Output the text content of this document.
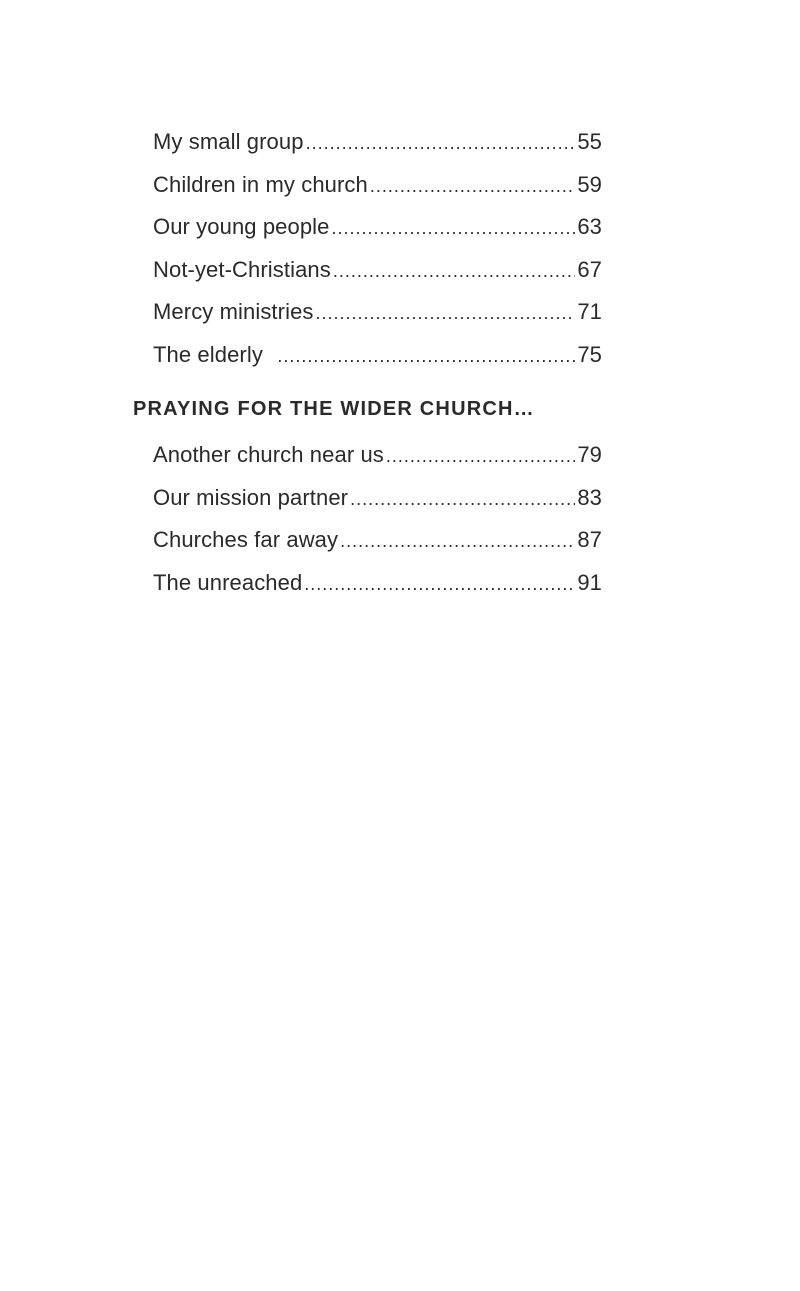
My small group .....	55
Children in my church .....	59
Our young people .....	63
Not-yet-Christians .....	67
Mercy ministries .....	71
The elderly .....	75
PRAYING FOR THE WIDER CHURCH…
Another church near us .....	79
Our mission partner .....	83
Churches far away .....	87
The unreached .....	91
